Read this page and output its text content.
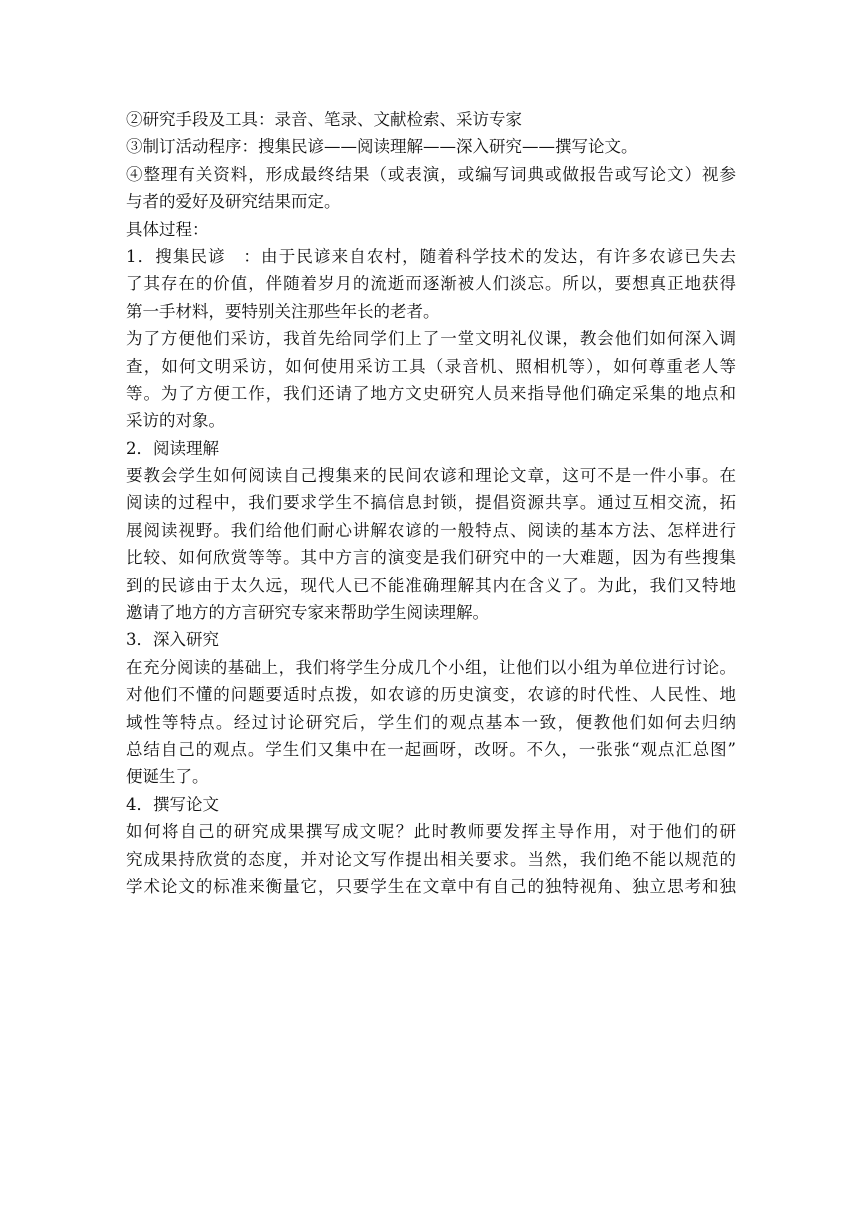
②研究手段及工具：录音、笔录、文献检索、采访专家
③制订活动程序：搜集民谚——阅读理解——深入研究——撰写论文。
④整理有关资料，形成最终结果（或表演，或编写词典或做报告或写论文）视参
与者的爱好及研究结果而定。
具体过程：
1．搜集民谚　：由于民谚来自农村，随着科学技术的发达，有许多农谚已失去
了其存在的价值，伴随着岁月的流逝而逐渐被人们淡忘。所以，要想真正地获得
第一手材料，要特别关注那些年长的老者。
为了方便他们采访，我首先给同学们上了一堂文明礼仪课，教会他们如何深入调
查，如何文明采访，如何使用采访工具（录音机、照相机等），如何尊重老人等
等。为了方便工作，我们还请了地方文史研究人员来指导他们确定采集的地点和
采访的对象。
2．阅读理解
要教会学生如何阅读自己搜集来的民间农谚和理论文章，这可不是一件小事。在
阅读的过程中，我们要求学生不搞信息封锁，提倡资源共享。通过互相交流，拓
展阅读视野。我们给他们耐心讲解农谚的一般特点、阅读的基本方法、怎样进行
比较、如何欣赏等等。其中方言的演变是我们研究中的一大难题，因为有些搜集
到的民谚由于太久远，现代人已不能准确理解其内在含义了。为此，我们又特地
邀请了地方的方言研究专家来帮助学生阅读理解。
3．深入研究
在充分阅读的基础上，我们将学生分成几个小组，让他们以小组为单位进行讨论。
对他们不懂的问题要适时点拨，如农谚的历史演变，农谚的时代性、人民性、地
域性等特点。经过讨论研究后，学生们的观点基本一致，便教他们如何去归纳
总结自己的观点。学生们又集中在一起画呀，改呀。不久，一张张“观点汇总图”
便诞生了。
4．撰写论文
如何将自己的研究成果撰写成文呢？此时教师要发挥主导作用，对于他们的研
究成果持欣赏的态度，并对论文写作提出相关要求。当然，我们绝不能以规范的
学术论文的标准来衡量它，只要学生在文章中有自己的独特视角、独立思考和独
